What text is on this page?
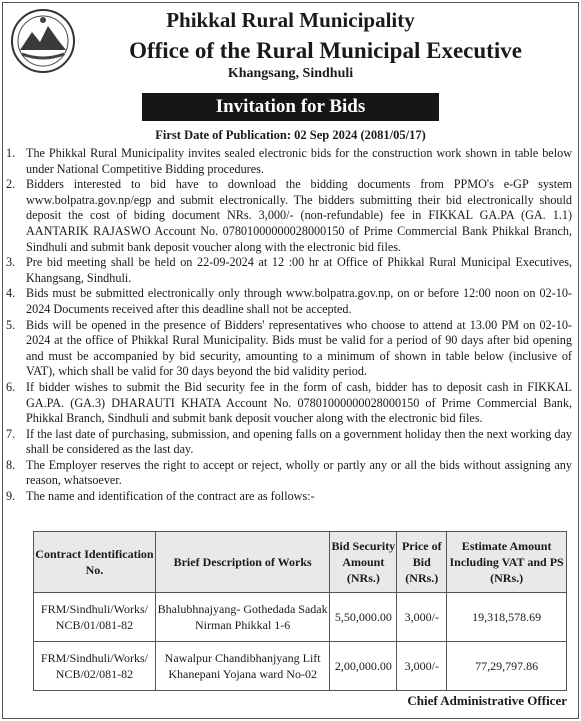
Phikkal Rural Municipality
Office of the Rural Municipal Executive
Khangsang, Sindhuli
Invitation for Bids
First Date of Publication: 02 Sep 2024 (2081/05/17)
1. The Phikkal Rural Municipality invites sealed electronic bids for the construction work shown in table below under National Competitive Bidding procedures.
2. Bidders interested to bid have to download the bidding documents from PPMO's e-GP system www.bolpatra.gov.np/egp and submit electronically. The bidders submitting their bid electronically should deposit the cost of biding document NRs. 3,000/- (non-refundable) fee in FIKKAL GA.PA (GA. 1.1) AANTARIK RAJASWO Account No. 07801000000028000150 of Prime Commercial Bank Phikkal Branch, Sindhuli and submit bank deposit voucher along with the electronic bid files.
3. Pre bid meeting shall be held on 22-09-2024 at 12 :00 hr at Office of Phikkal Rural Municipal Executives, Khangsang, Sindhuli.
4. Bids must be submitted electronically only through www.bolpatra.gov.np, on or before 12:00 noon on 02-10-2024 Documents received after this deadline shall not be accepted.
5. Bids will be opened in the presence of Bidders' representatives who choose to attend at 13.00 PM on 02-10-2024 at the office of Phikkal Rural Municipality. Bids must be valid for a period of 90 days after bid opening and must be accompanied by bid security, amounting to a minimum of shown in table below (inclusive of VAT), which shall be valid for 30 days beyond the bid validity period.
6. If bidder wishes to submit the Bid security fee in the form of cash, bidder has to deposit cash in FIKKAL GA.PA. (GA.3) DHARAUTI KHATA Account No. 07801000000028000150 of Prime Commercial Bank, Phikkal Branch, Sindhuli and submit bank deposit voucher along with the electronic bid files.
7. If the last date of purchasing, submission, and opening falls on a government holiday then the next working day shall be considered as the last day.
8. The Employer reserves the right to accept or reject, wholly or partly any or all the bids without assigning any reason, whatsoever.
9. The name and identification of the contract are as follows:-
Contract Identification No.	Brief Description of Works	Bid Security Amount (NRs.)	Price of Bid (NRs.)	Estimate Amount Including VAT and PS (NRs.)
FRM/Sindhuli/Works/ NCB/01/081-82	Bhalubhnajyang- Gothedada Sadak Nirman Phikkal 1-6	5,50,000.00	3,000/-	19,318,578.69
FRM/Sindhuli/Works/ NCB/02/081-82	Nawalpur Chandibhanjyang Lift Khanepani Yojana ward No-02	2,00,000.00	3,000/-	77,29,797.86
Chief Administrative Officer
